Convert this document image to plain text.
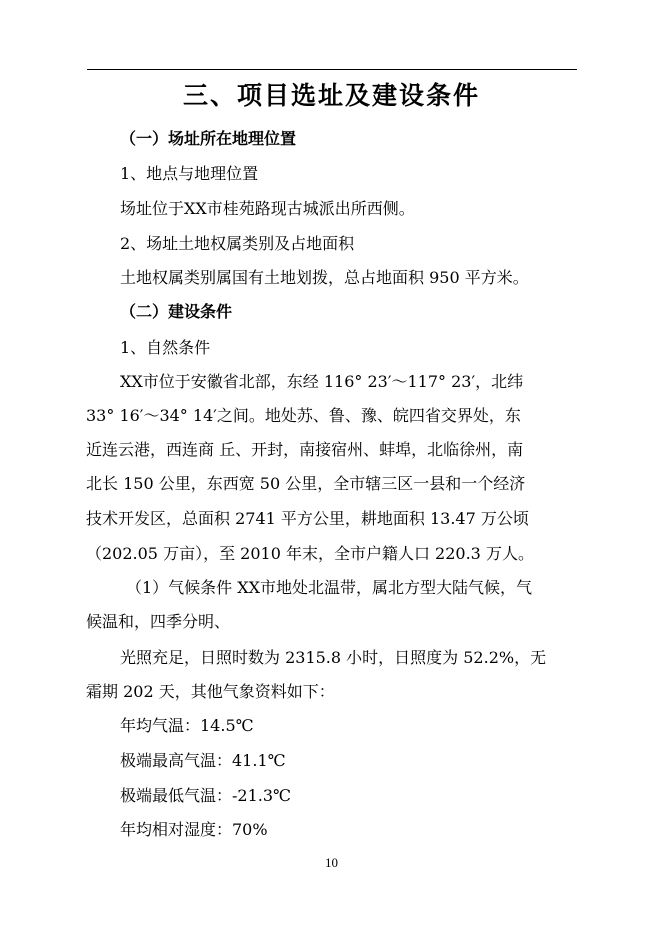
三、项目选址及建设条件
（一）场址所在地理位置
1、地点与地理位置
场址位于XX市桂苑路现古城派出所西侧。
2、场址土地权属类别及占地面积
土地权属类别属国有土地划拨，总占地面积 950 平方米。
（二）建设条件
1、自然条件
XX市位于安徽省北部，东经 116° 23′～117° 23′，北纬
33° 16′～34° 14′之间。地处苏、鲁、豫、皖四省交界处，东
近连云港，西连商 丘、开封，南接宿州、蚌埠，北临徐州，南
北长 150 公里，东西宽 50 公里，全市辖三区一县和一个经济
技术开发区，总面积 2741 平方公里，耕地面积 13.47 万公顷
（202.05 万亩），至 2010 年末，全市户籍人口 220.3 万人。
（1）气候条件 XX市地处北温带，属北方型大陆气候，气
候温和，四季分明、
光照充足，日照时数为 2315.8 小时，日照度为 52.2%，无
霜期 202 天，其他气象资料如下：
年均气温：14.5℃
极端最高气温：41.1℃
极端最低气温：-21.3℃
年均相对湿度：70%
10
